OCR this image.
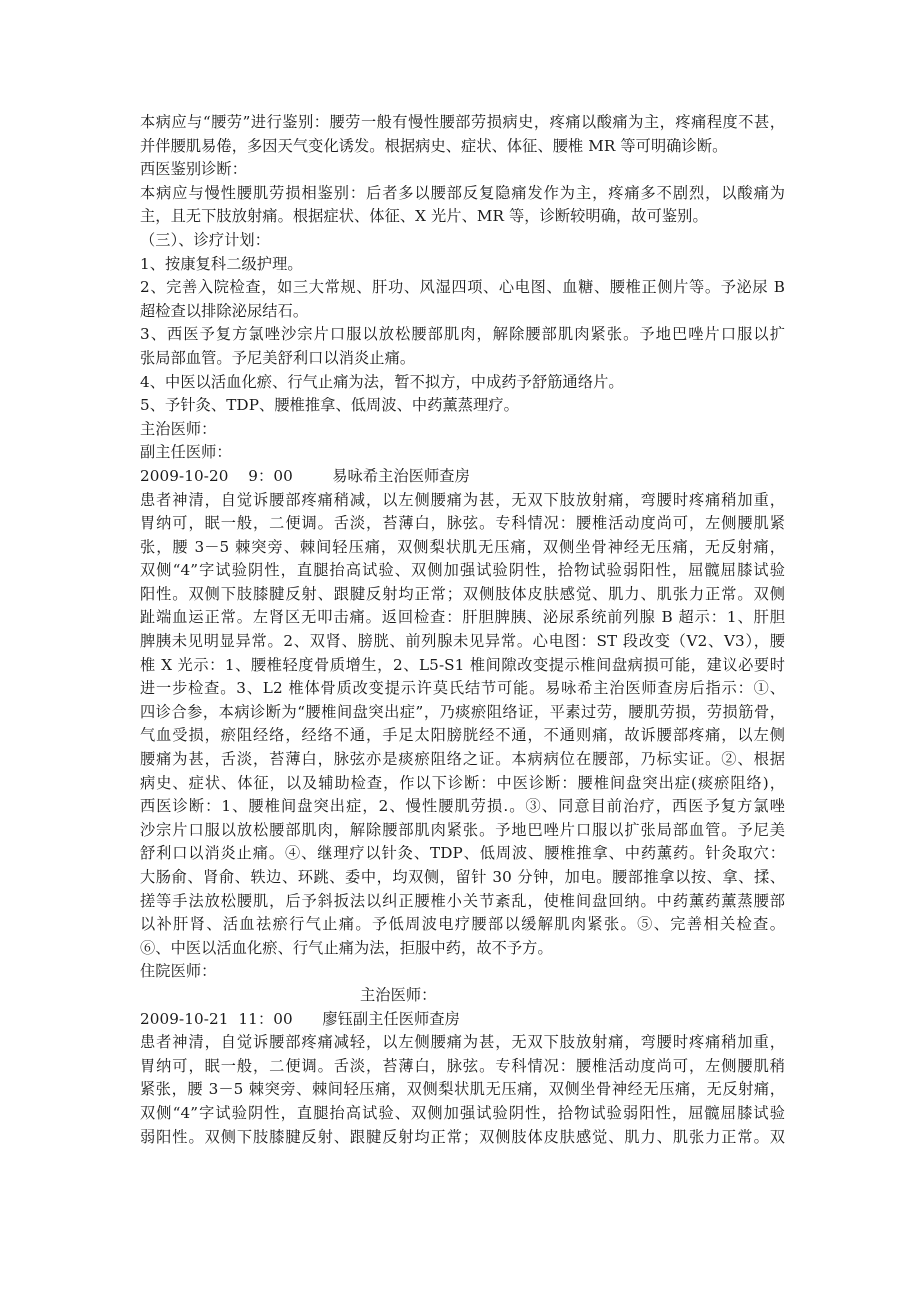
本病应与“腰劳”进行鉴别：腰劳一般有慢性腰部劳损病史，疼痛以酸痛为主，疼痛程度不甚，
并伴腰肌易倦，多因天气变化诱发。根据病史、症状、体征、腰椎 MR 等可明确诊断。
西医鉴别诊断：
本病应与慢性腰肌劳损相鉴别：后者多以腰部反复隐痛发作为主，疼痛多不剧烈，以酸痛为
主，且无下肢放射痛。根据症状、体征、X 光片、MR 等，诊断较明确，故可鉴别。
（三）、诊疗计划：
1、按康复科二级护理。
2、完善入院检查，如三大常规、肝功、风湿四项、心电图、血糖、腰椎正侧片等。予泌尿 B
超检查以排除泌尿结石。
3、西医予复方氯唑沙宗片口服以放松腰部肌肉，解除腰部肌肉紧张。予地巴唑片口服以扩
张局部血管。予尼美舒利口以消炎止痛。
4、中医以活血化瘀、行气止痛为法，暂不拟方，中成药予舒筋通络片。
5、予针灸、TDP、腰椎推拿、低周波、中药薰蒸理疗。
主治医师：
副主任医师：
2009-10-20    9：00        易咏希主治医师查房
患者神清，自觉诉腰部疼痛稍减，以左侧腰痛为甚，无双下肢放射痛，弯腰时疼痛稍加重，
胃纳可，眠一般，二便调。舌淡，苔薄白，脉弦。专科情况：腰椎活动度尚可，左侧腰肌紧
张，腰 3－5 棘突旁、棘间轻压痛，双侧梨状肌无压痛，双侧坐骨神经无压痛，无反射痛，
双侧“4”字试验阴性，直腿抬高试验、双侧加强试验阴性，拾物试验弱阳性，屈髋屈膝试验
阳性。双侧下肢膝腱反射、跟腱反射均正常；双侧肢体皮肤感觉、肌力、肌张力正常。双侧
趾端血运正常。左肾区无叩击痛。返回检查：肝胆脾胰、泌尿系统前列腺 B 超示：1、肝胆
脾胰未见明显异常。2、双肾、膀胱、前列腺未见异常。心电图：ST 段改变（V2、V3），腰
椎 X 光示：1、腰椎轻度骨质增生，2、L5-S1 椎间隙改变提示椎间盘病损可能，建议必要时
进一步检查。3、L2 椎体骨质改变提示许莫氏结节可能。易咏希主治医师查房后指示：①、
四诊合参，本病诊断为“腰椎间盘突出症”，乃痰瘀阻络证，平素过劳，腰肌劳损，劳损筋骨，
气血受损，瘀阻经络，经络不通，手足太阳膀胱经不通，不通则痛，故诉腰部疼痛，以左侧
腰痛为甚，舌淡，苔薄白，脉弦亦是痰瘀阻络之证。本病病位在腰部，乃标实证。②、根据
病史、症状、体征，以及辅助检查，作以下诊断：中医诊断：腰椎间盘突出症(痰瘀阻络)，
西医诊断：1、腰椎间盘突出症，2、慢性腰肌劳损.。③、同意目前治疗，西医予复方氯唑
沙宗片口服以放松腰部肌肉，解除腰部肌肉紧张。予地巴唑片口服以扩张局部血管。予尼美
舒利口以消炎止痛。④、继理疗以针灸、TDP、低周波、腰椎推拿、中药薰药。针灸取穴：
大肠俞、肾俞、轶边、环跳、委中，均双侧，留针 30 分钟，加电。腰部推拿以按、拿、揉、
搓等手法放松腰肌，后予斜扳法以纠正腰椎小关节紊乱，使椎间盘回纳。中药薰药薰蒸腰部
以补肝肾、活血祛瘀行气止痛。予低周波电疗腰部以缓解肌肉紧张。⑤、完善相关检查。
⑥、中医以活血化瘀、行气止痛为法，拒服中药，故不予方。
住院医师：
主治医师：
2009-10-21  11：00      廖钰副主任医师查房
患者神清，自觉诉腰部疼痛减轻，以左侧腰痛为甚，无双下肢放射痛，弯腰时疼痛稍加重，
胃纳可，眠一般，二便调。舌淡，苔薄白，脉弦。专科情况：腰椎活动度尚可，左侧腰肌稍
紧张，腰 3－5 棘突旁、棘间轻压痛，双侧梨状肌无压痛，双侧坐骨神经无压痛，无反射痛，
双侧“4”字试验阴性，直腿抬高试验、双侧加强试验阴性，拾物试验弱阳性，屈髋屈膝试验
弱阳性。双侧下肢膝腱反射、跟腱反射均正常；双侧肢体皮肤感觉、肌力、肌张力正常。双
